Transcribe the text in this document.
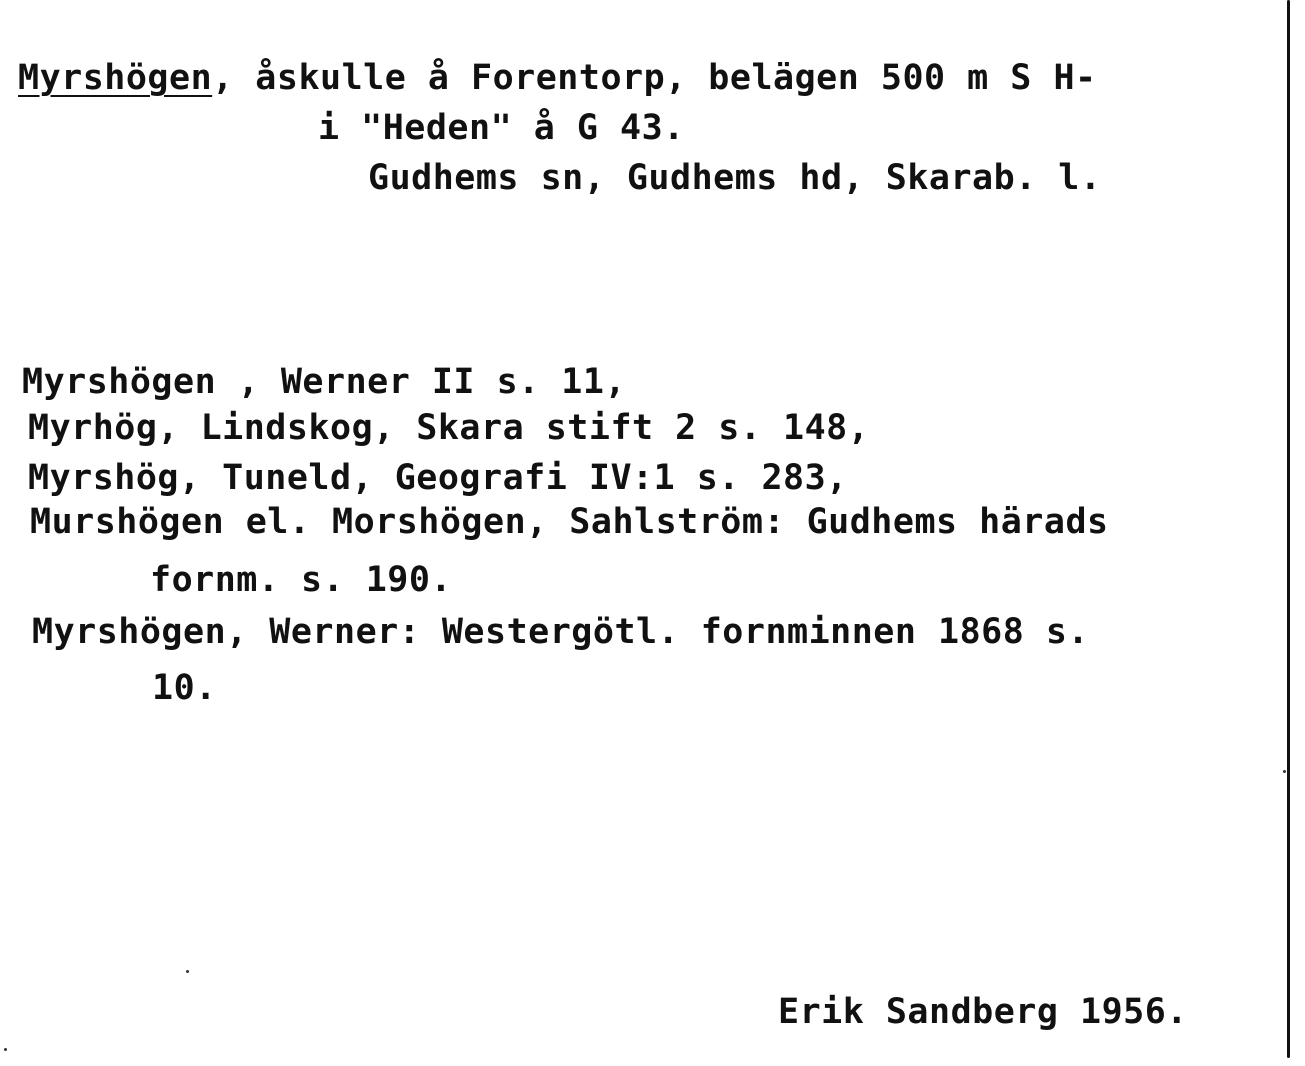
Myrshögen, åskulle å Forentorp, belägen 500 m S H-
i "Heden" å G 43.
Gudhems sn, Gudhems hd, Skarab. l.
Myrshögen , Werner II s. 11,
Myrhög, Lindskog, Skara stift 2 s. 148,
Myrshög, Tuneld, Geografi IV:1 s. 283,
Murshögen el. Morshögen, Sahlström: Gudhems härads
fornm. s. 190.
Myrshögen, Werner: Westergötl. fornminnen 1868 s.
10.
Erik Sandberg 1956.
